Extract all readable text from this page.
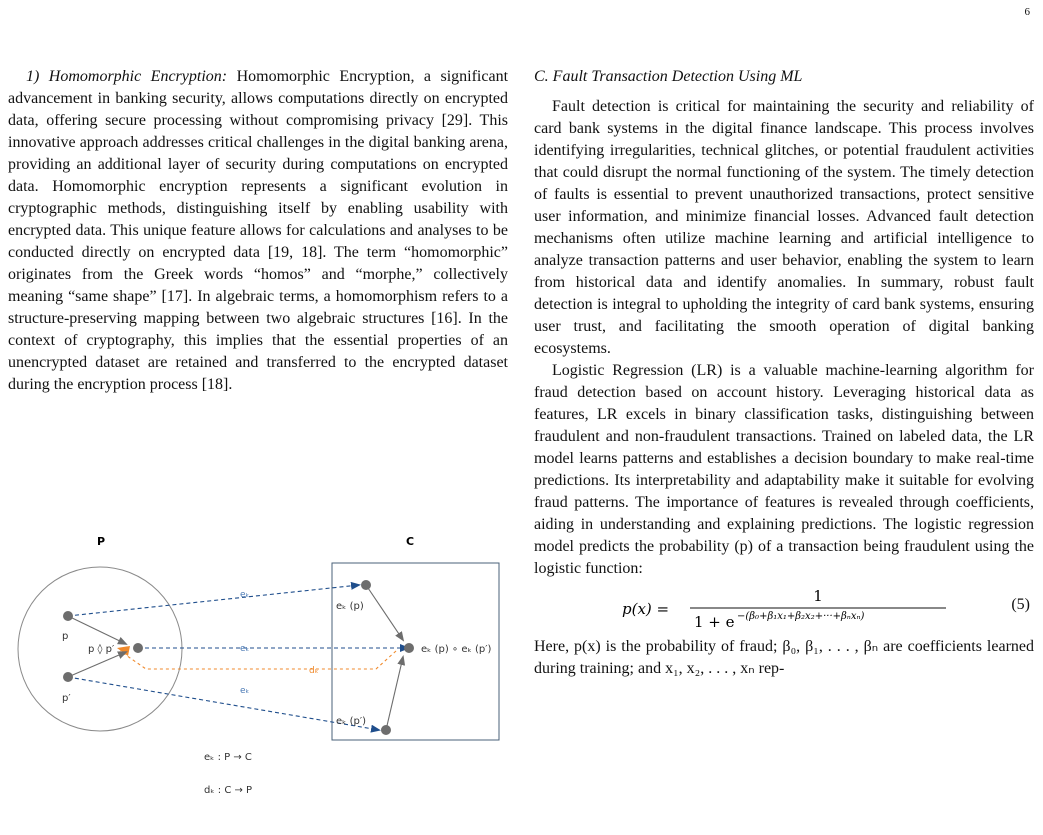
6

1) Homomorphic Encryption: Homomorphic Encryption, a significant advancement in banking security, allows computations directly on encrypted data, offering secure processing without compromising privacy [29]. This innovative approach addresses critical challenges in the digital banking arena, providing an additional layer of security during computations on encrypted data. Homomorphic encryption represents a significant evolution in cryptographic methods, distinguishing itself by enabling usability with encrypted data. This unique feature allows for calculations and analyses to be conducted directly on encrypted data [19, 18]. The term “homomorphic” originates from the Greek words “homos” and “morphe,” collectively meaning “same shape” [17]. In algebraic terms, a homomorphism refers to a structure-preserving mapping between two algebraic structures [16]. In the context of cryptography, this implies that the essential properties of an unencrypted dataset are retained and transferred to the encrypted dataset during the encryption process [18].

P	C
p
p′
p ◊ p′
eₖ (p)
eₖ (p′)
eₖ (p) ∘ eₖ (p′)
eₖ
eₖ
eₖ
dₖ
eₖ : P → C
dₖ : C → P

C. Fault Transaction Detection Using ML

Fault detection is critical for maintaining the security and reliability of card bank systems in the digital finance landscape. This process involves identifying irregularities, technical glitches, or potential fraudulent activities that could disrupt the normal functioning of the system. The timely detection of faults is essential to prevent unauthorized transactions, protect sensitive user information, and minimize financial losses. Advanced fault detection mechanisms often utilize machine learning and artificial intelligence to analyze transaction patterns and user behavior, enabling the system to learn from historical data and identify anomalies. In summary, robust fault detection is integral to upholding the integrity of card bank systems, ensuring user trust, and facilitating the smooth operation of digital banking ecosystems.

Logistic Regression (LR) is a valuable machine-learning algorithm for fraud detection based on account history. Leveraging historical data as features, LR excels in binary classification tasks, distinguishing between fraudulent and non-fraudulent transactions. Trained on labeled data, the LR model learns patterns and establishes a decision boundary to make real-time predictions. Its interpretability and adaptability make it suitable for evolving fraud patterns. The importance of features is revealed through coefficients, aiding in understanding and explaining predictions. The logistic regression model predicts the probability (p) of a transaction being fraudulent using the logistic function:

p(x) =
1
1 + e −(β₀+β₁x₁+β₂x₂+···+βₙxₙ)
(5)

Here, p(x) is the probability of fraud; β₀, β₁, . . . , βₙ are coefficients learned during training; and x₁, x₂, . . . , xₙ rep-
